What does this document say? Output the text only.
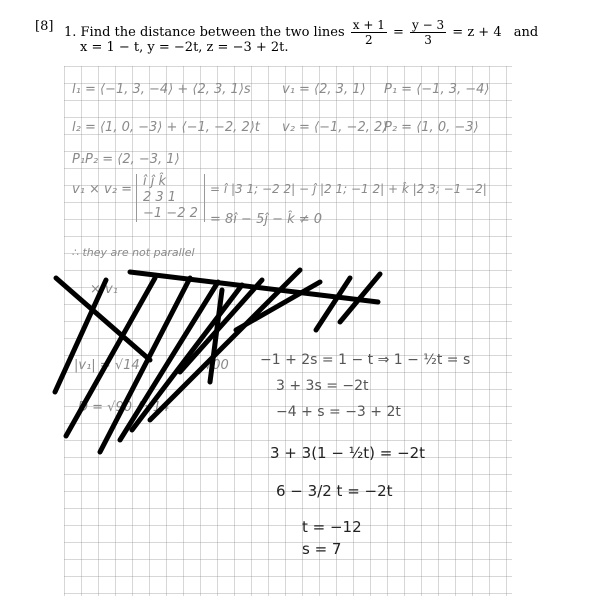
[8] 1. Find the distance between the two lines $\frac{x + 1}{2} = \frac{y - 3}{3} = z + 4$ and
x = 1 − t, y = −2t, z = −3 + 2t.
l₁ = ⟨−1, 3, −4⟩ + ⟨2, 3, 1⟩s v₁ = ⟨2, 3, 1⟩ P₁ = ⟨−1, 3, −4⟩
l₂ = ⟨1, 0, −3⟩ + ⟨−1, −2, 2⟩t v₂ = ⟨−1, −2, 2⟩
P₂ = ⟨1, 0, −3⟩
P₁P₂ = ⟨2, −3, 1⟩
v₁ × v₂ =
î ĵ k̂
2 3 1
−1 −2 2
= î |3 1; −2 2| − ĵ |2 1; −1 2| + k̂ |2 3; −1 −2|
= 8î − 5ĵ − k̂ ≠ 0
∴ they are not parallel
× v₁
|v₁| = √14	√00
D = √90 / √14
−1 + 2s = 1 − t ⇒ 1 − ½t = s
3 + 3s = −2t
−4 + s = −3 + 2t
3 + 3(1 − ½t) = −2t
6 − 3/2 t = −2t
t = −12
s = 7
